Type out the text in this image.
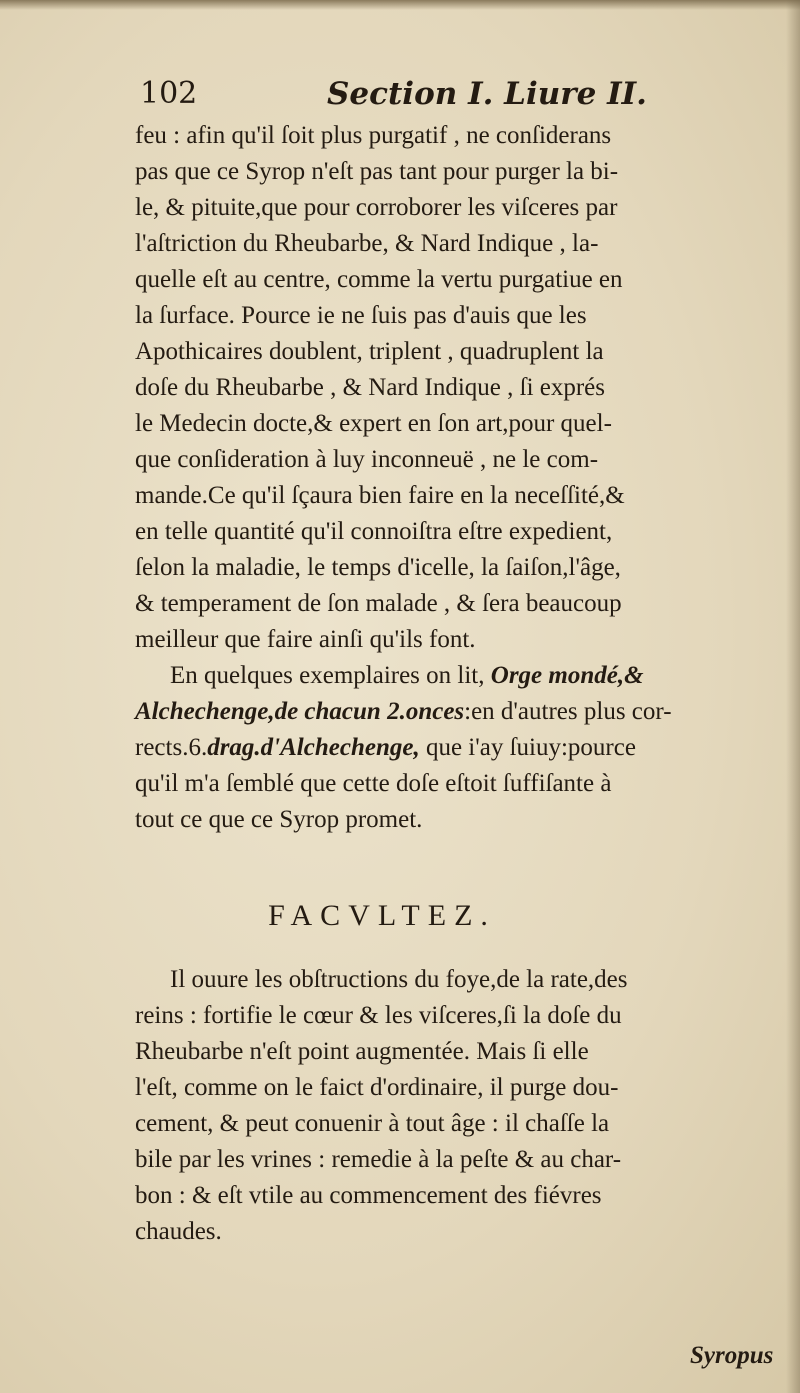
102	Section I. Liure II.
feu : afin qu'il ſoit plus purgatif , ne conſiderans
pas que ce Syrop n'eſt pas tant pour purger la bi-
le, & pituite,que pour corroborer les viſceres par
l'aſtriction du Rheubarbe, & Nard Indique , la-
quelle eſt au centre, comme la vertu purgatiue en
la ſurface. Pource ie ne ſuis pas d'auis que les
Apothicaires doublent, triplent , quadruplent la
doſe du Rheubarbe , & Nard Indique , ſi exprés
le Medecin docte,& expert en ſon art,pour quel-
que conſideration à luy inconneuë , ne le com-
mande.Ce qu'il ſçaura bien faire en la neceſſité,&
en telle quantité qu'il connoiſtra eſtre expedient,
ſelon la maladie, le temps d'icelle, la ſaiſon,l'âge,
& temperament de ſon malade , & ſera beaucoup
meilleur que faire ainſi qu'ils font.
En quelques exemplaires on lit, Orge mondé,&
Alchechenge,de chacun 2.onces:en d'autres plus cor-
rects.6.drag.d'Alchechenge, que i'ay ſuiuy:pource
qu'il m'a ſemblé que cette doſe eſtoit ſuffiſante à
tout ce que ce Syrop promet.
Il ouure les obſtructions du foye,de la rate,des
reins : fortifie le cœur & les viſceres,ſi la doſe du
Rheubarbe n'eſt point augmentée. Mais ſi elle
l'eſt, comme on le faict d'ordinaire, il purge dou-
cement, & peut conuenir à tout âge : il chaſſe la
bile par les vrines : remedie à la peſte & au char-
bon : & eſt vtile au commencement des fiévres
chaudes.
FACVLTEZ.
Syropus
